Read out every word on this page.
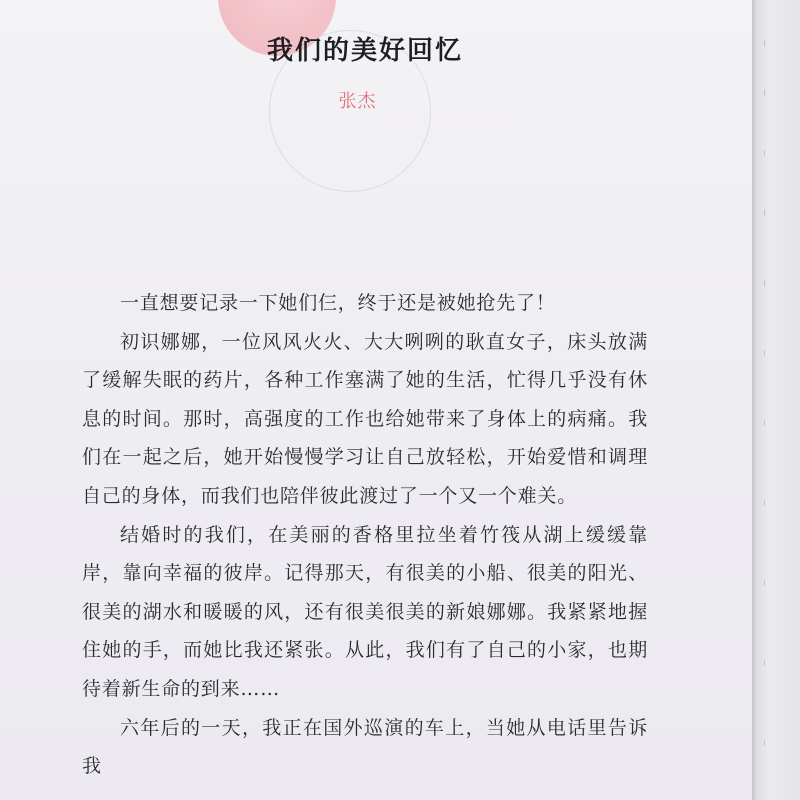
我们的美好回忆
张杰

一直想要记录一下她们仨，终于还是被她抢先了！

初识娜娜，一位风风火火、大大咧咧的耿直女子，床头放满了缓解失眠的药片，各种工作塞满了她的生活，忙得几乎没有休息的时间。那时，高强度的工作也给她带来了身体上的病痛。我们在一起之后，她开始慢慢学习让自己放轻松，开始爱惜和调理自己的身体，而我们也陪伴彼此渡过了一个又一个难关。

结婚时的我们，在美丽的香格里拉坐着竹筏从湖上缓缓靠岸，靠向幸福的彼岸。记得那天，有很美的小船、很美的阳光、很美的湖水和暖暖的风，还有很美很美的新娘娜娜。我紧紧地握住她的手，而她比我还紧张。从此，我们有了自己的小家，也期待着新生命的到来……

六年后的一天，我正在国外巡演的车上，当她从电话里告诉我
